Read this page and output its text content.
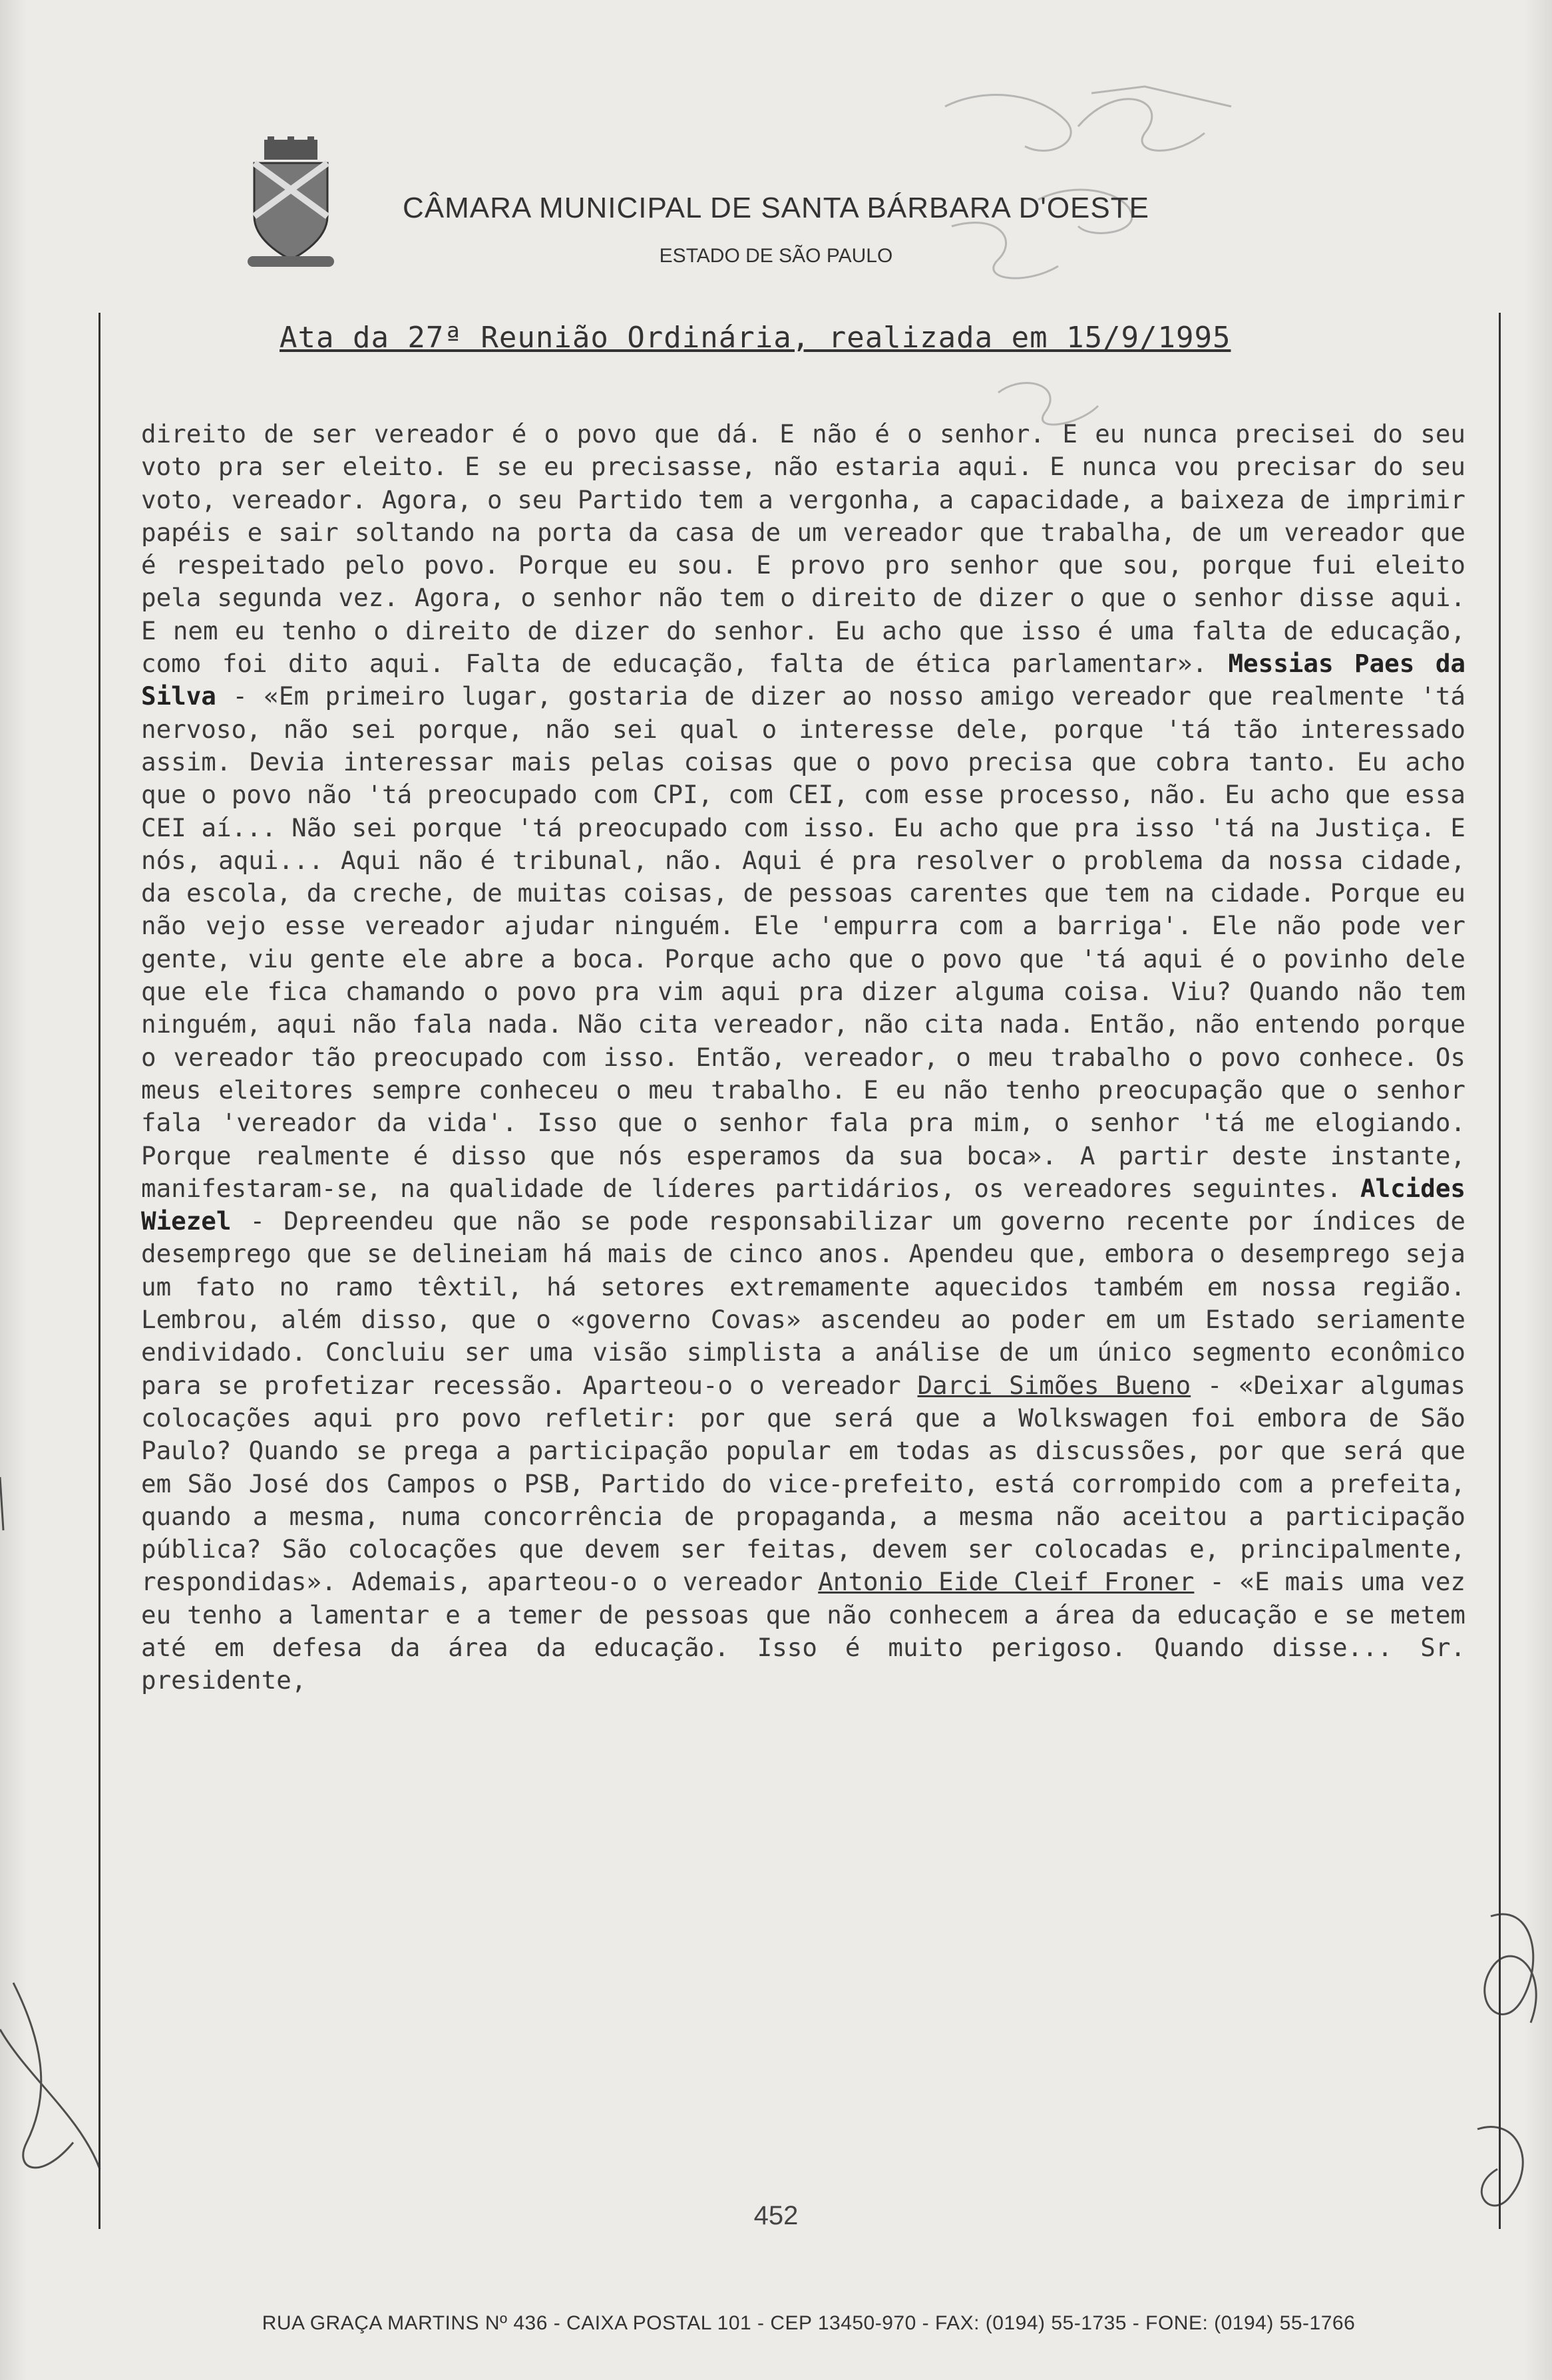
CÂMARA MUNICIPAL DE SANTA BÁRBARA D'OESTE
ESTADO DE SÃO PAULO
Ata da 27ª Reunião Ordinária, realizada em 15/9/1995

direito de ser vereador é o povo que dá. E não é o senhor. E eu nunca precisei do seu voto pra ser eleito. E se eu precisasse, não estaria aqui. E nunca vou precisar do seu voto, vereador. Agora, o seu Partido tem a vergonha, a capacidade, a baixeza de imprimir papéis e sair soltando na porta da casa de um vereador que trabalha, de um vereador que é respeitado pelo povo. Porque eu sou. E provo pro senhor que sou, porque fui eleito pela segunda vez. Agora, o senhor não tem o direito de dizer o que o senhor disse aqui. E nem eu tenho o direito de dizer do senhor. Eu acho que isso é uma falta de educação, como foi dito aqui. Falta de educação, falta de ética parlamentar». Messias Paes da Silva - «Em primeiro lugar, gostaria de dizer ao nosso amigo vereador que realmente 'tá nervoso, não sei porque, não sei qual o interesse dele, porque 'tá tão interessado assim. Devia interessar mais pelas coisas que o povo precisa que cobra tanto. Eu acho que o povo não 'tá preocupado com CPI, com CEI, com esse processo, não. Eu acho que essa CEI aí... Não sei porque 'tá preocupado com isso. Eu acho que pra isso 'tá na Justiça. E nós, aqui... Aqui não é tribunal, não. Aqui é pra resolver o problema da nossa cidade, da escola, da creche, de muitas coisas, de pessoas carentes que tem na cidade. Porque eu não vejo esse vereador ajudar ninguém. Ele 'empurra com a barriga'. Ele não pode ver gente, viu gente ele abre a boca. Porque acho que o povo que 'tá aqui é o povinho dele que ele fica chamando o povo pra vim aqui pra dizer alguma coisa. Viu? Quando não tem ninguém, aqui não fala nada. Não cita vereador, não cita nada. Então, não entendo porque o vereador tão preocupado com isso. Então, vereador, o meu trabalho o povo conhece. Os meus eleitores sempre conheceu o meu trabalho. E eu não tenho preocupação que o senhor fala 'vereador da vida'. Isso que o senhor fala pra mim, o senhor 'tá me elogiando. Porque realmente é disso que nós esperamos da sua boca». A partir deste instante, manifestaram-se, na qualidade de líderes partidários, os vereadores seguintes. Alcides Wiezel - Depreendeu que não se pode responsabilizar um governo recente por índices de desemprego que se delineiam há mais de cinco anos. Apendeu que, embora o desemprego seja um fato no ramo têxtil, há setores extremamente aquecidos também em nossa região. Lembrou, além disso, que o «governo Covas» ascendeu ao poder em um Estado seriamente endividado. Concluiu ser uma visão simplista a análise de um único segmento econômico para se profetizar recessão. Aparteou-o o vereador Darci Simões Bueno - «Deixar algumas colocações aqui pro povo refletir: por que será que a Wolkswagen foi embora de São Paulo? Quando se prega a participação popular em todas as discussões, por que será que em São José dos Campos o PSB, Partido do vice-prefeito, está corrompido com a prefeita, quando a mesma, numa concorrência de propaganda, a mesma não aceitou a participação pública? São colocações que devem ser feitas, devem ser colocadas e, principalmente, respondidas». Ademais, aparteou-o o vereador Antonio Eide Cleif Froner - «E mais uma vez eu tenho a lamentar e a temer de pessoas que não conhecem a área da educação e se metem até em defesa da área da educação. Isso é muito perigoso. Quando disse... Sr. presidente,

452
RUA GRAÇA MARTINS Nº 436 - CAIXA POSTAL 101 - CEP 13450-970 - FAX: (0194) 55-1735 - FONE: (0194) 55-1766
